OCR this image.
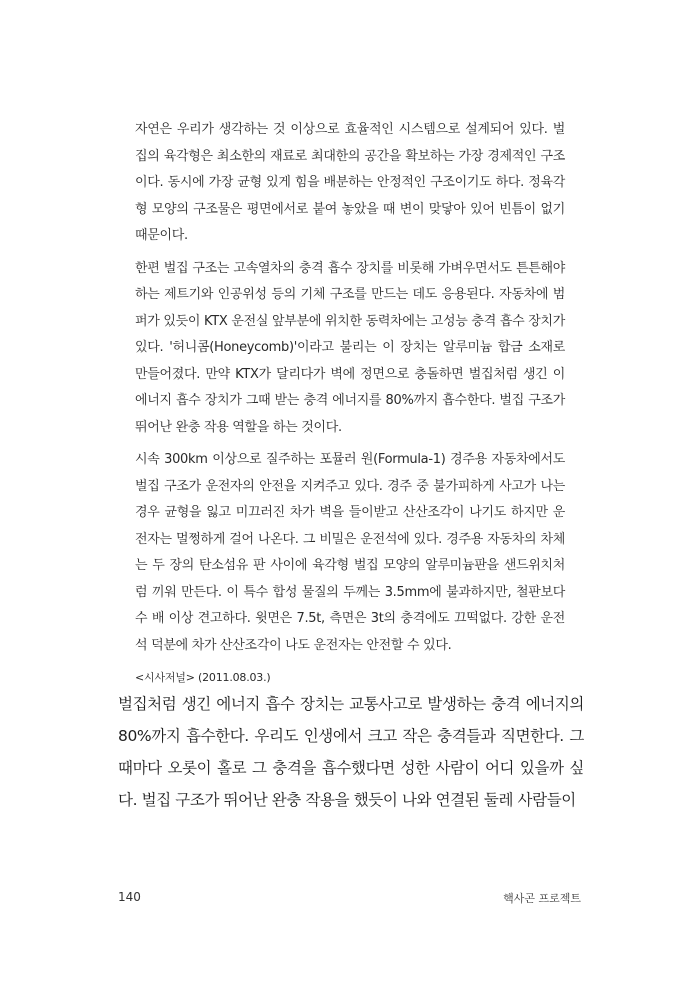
자연은 우리가 생각하는 것 이상으로 효율적인 시스템으로 설계되어 있다. 벌집의 육각형은 최소한의 재료로 최대한의 공간을 확보하는 가장 경제적인 구조이다. 동시에 가장 균형 있게 힘을 배분하는 안정적인 구조이기도 하다. 정육각형 모양의 구조물은 평면에서로 붙여 놓았을 때 변이 맞닿아 있어 빈틈이 없기 때문이다.

한편 벌집 구조는 고속열차의 충격 흡수 장치를 비롯해 가벼우면서도 튼튼해야 하는 제트기와 인공위성 등의 기체 구조를 만드는 데도 응용된다. 자동차에 범퍼가 있듯이 KTX 운전실 앞부분에 위치한 동력차에는 고성능 충격 흡수 장치가 있다. '허니콤(Honeycomb)'이라고 불리는 이 장치는 알루미늄 합금 소재로 만들어졌다. 만약 KTX가 달리다가 벽에 정면으로 충돌하면 벌집처럼 생긴 이 에너지 흡수 장치가 그때 받는 충격 에너지를 80%까지 흡수한다. 벌집 구조가 뛰어난 완충 작용 역할을 하는 것이다.

시속 300km 이상으로 질주하는 포뮬러 원(Formula-1) 경주용 자동차에서도 벌집 구조가 운전자의 안전을 지켜주고 있다. 경주 중 불가피하게 사고가 나는 경우 균형을 잃고 미끄러진 차가 벽을 들이받고 산산조각이 나기도 하지만 운전자는 멀쩡하게 걸어 나온다. 그 비밀은 운전석에 있다. 경주용 자동차의 차체는 두 장의 탄소섬유 판 사이에 육각형 벌집 모양의 알루미늄판을 샌드위치처럼 끼워 만든다. 이 특수 합성 물질의 두께는 3.5mm에 불과하지만, 철판보다 수 배 이상 견고하다. 윗면은 7.5t, 측면은 3t의 충격에도 끄떡없다. 강한 운전석 덕분에 차가 산산조각이 나도 운전자는 안전할 수 있다.

<시사저널> (2011.08.03.)

벌집처럼 생긴 에너지 흡수 장치는 교통사고로 발생하는 충격 에너지의 80%까지 흡수한다. 우리도 인생에서 크고 작은 충격들과 직면한다. 그때마다 오롯이 홀로 그 충격을 흡수했다면 성한 사람이 어디 있을까 싶다. 벌집 구조가 뛰어난 완충 작용을 했듯이 나와 연결된 둘레 사람들이

140	핵사곤 프로젝트
